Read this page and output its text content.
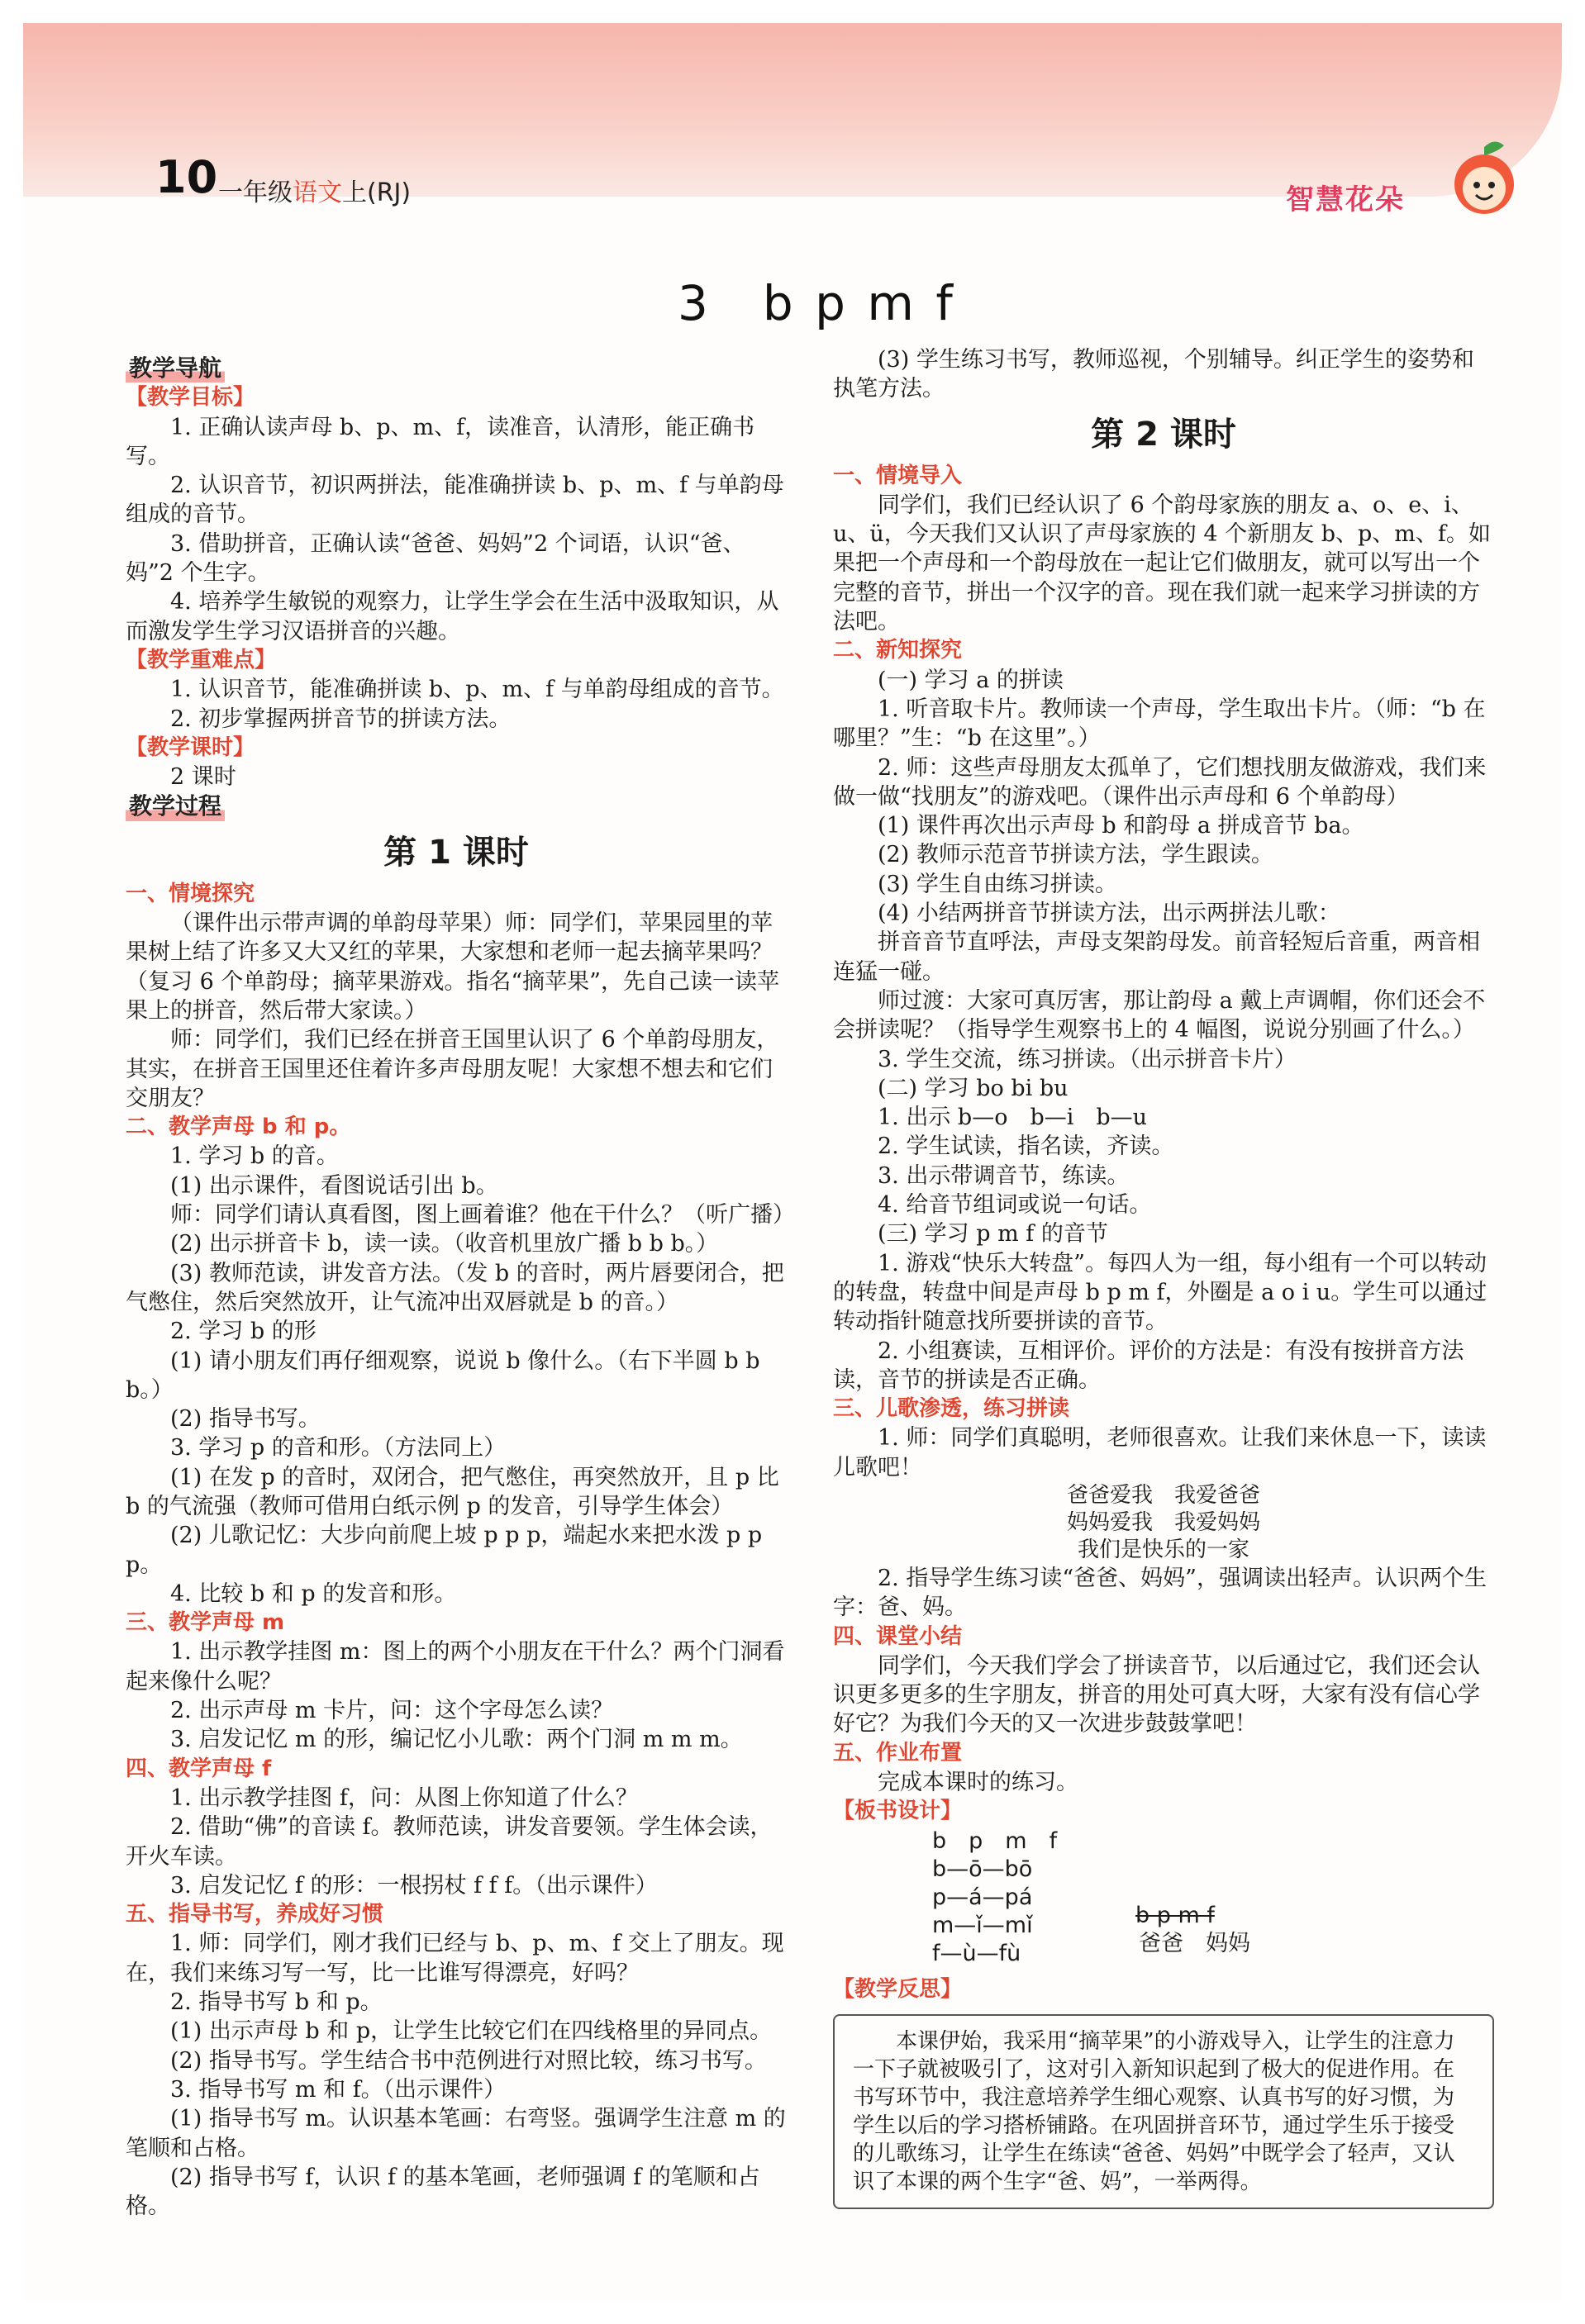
10 一年级语文上(RJ)	智慧花朵
3　b p m f

教学导航

【教学目标】

1. 正确认读声母 b、p、m、f，读准音，认清形，能正确书写。

2. 认识音节，初识两拼法，能准确拼读 b、p、m、f 与单韵母组成的音节。

3. 借助拼音，正确认读“爸爸、妈妈”2 个词语，认识“爸、妈”2 个生字。

4. 培养学生敏锐的观察力，让学生学会在生活中汲取知识，从而激发学生学习汉语拼音的兴趣。

【教学重难点】

1. 认识音节，能准确拼读 b、p、m、f 与单韵母组成的音节。

2. 初步掌握两拼音节的拼读方法。

【教学课时】

2 课时

教学过程

第 1 课时

一、情境探究

（课件出示带声调的单韵母苹果）师：同学们，苹果园里的苹果树上结了许多又大又红的苹果，大家想和老师一起去摘苹果吗？（复习 6 个单韵母；摘苹果游戏。指名“摘苹果”，先自己读一读苹果上的拼音，然后带大家读。）

师：同学们，我们已经在拼音王国里认识了 6 个单韵母朋友，其实，在拼音王国里还住着许多声母朋友呢！大家想不想去和它们交朋友？

二、教学声母 b 和 p。

1. 学习 b 的音。

(1) 出示课件，看图说话引出 b。

师：同学们请认真看图，图上画着谁？他在干什么？（听广播）

(2) 出示拼音卡 b，读一读。（收音机里放广播 b b b。）

(3) 教师范读，讲发音方法。（发 b 的音时，两片唇要闭合，把气憋住，然后突然放开，让气流冲出双唇就是 b 的音。）

2. 学习 b 的形

(1) 请小朋友们再仔细观察，说说 b 像什么。（右下半圆 b b b。）

(2) 指导书写。

3. 学习 p 的音和形。（方法同上）

(1) 在发 p 的音时，双闭合，把气憋住，再突然放开，且 p 比 b 的气流强（教师可借用白纸示例 p 的发音，引导学生体会）

(2) 儿歌记忆：大步向前爬上坡 p p p，端起水来把水泼 p p p。

4. 比较 b 和 p 的发音和形。

三、教学声母 m

1. 出示教学挂图 m：图上的两个小朋友在干什么？两个门洞看起来像什么呢？

2. 出示声母 m 卡片，问：这个字母怎么读？

3. 启发记忆 m 的形，编记忆小儿歌：两个门洞 m m m。

四、教学声母 f

1. 出示教学挂图 f，问：从图上你知道了什么？

2. 借助“佛”的音读 f。教师范读，讲发音要领。学生体会读，开火车读。

3. 启发记忆 f 的形：一根拐杖 f f f。（出示课件）

五、指导书写，养成好习惯

1. 师：同学们，刚才我们已经与 b、p、m、f 交上了朋友。现在，我们来练习写一写，比一比谁写得漂亮，好吗？

2. 指导书写 b 和 p。

(1) 出示声母 b 和 p，让学生比较它们在四线格里的异同点。

(2) 指导书写。学生结合书中范例进行对照比较，练习书写。

3. 指导书写 m 和 f。（出示课件）

(1) 指导书写 m。认识基本笔画：右弯竖。强调学生注意 m 的笔顺和占格。

(2) 指导书写 f，认识 f 的基本笔画，老师强调 f 的笔顺和占格。

(3) 学生练习书写，教师巡视，个别辅导。纠正学生的姿势和执笔方法。

第 2 课时

一、情境导入

同学们，我们已经认识了 6 个韵母家族的朋友 a、o、e、i、u、ü，今天我们又认识了声母家族的 4 个新朋友 b、p、m、f。如果把一个声母和一个韵母放在一起让它们做朋友，就可以写出一个完整的音节，拼出一个汉字的音。现在我们就一起来学习拼读的方法吧。

二、新知探究

(一) 学习 a 的拼读

1. 听音取卡片。教师读一个声母，学生取出卡片。（师：“b 在哪里？”生：“b 在这里”。）

2. 师：这些声母朋友太孤单了，它们想找朋友做游戏，我们来做一做“找朋友”的游戏吧。（课件出示声母和 6 个单韵母）

(1) 课件再次出示声母 b 和韵母 a 拼成音节 ba。

(2) 教师示范音节拼读方法，学生跟读。

(3) 学生自由练习拼读。

(4) 小结两拼音节拼读方法，出示两拼法儿歌：

拼音音节直呼法，声母支架韵母发。前音轻短后音重，两音相连猛一碰。

师过渡：大家可真厉害，那让韵母 a 戴上声调帽，你们还会不会拼读呢？（指导学生观察书上的 4 幅图，说说分别画了什么。）

3. 学生交流，练习拼读。（出示拼音卡片）

(二) 学习 bo bi bu

1. 出示 b—o　b—i　b—u

2. 学生试读，指名读，齐读。

3. 出示带调音节，练读。

4. 给音节组词或说一句话。

(三) 学习 p m f 的音节

1. 游戏“快乐大转盘”。每四人为一组，每小组有一个可以转动的转盘，转盘中间是声母 b p m f，外圈是 a o i u。学生可以通过转动指针随意找所要拼读的音节。

2. 小组赛读，互相评价。评价的方法是：有没有按拼音方法读，音节的拼读是否正确。

三、儿歌渗透，练习拼读

1. 师：同学们真聪明，老师很喜欢。让我们来休息一下，读读儿歌吧！

爸爸爱我　我爱爸爸

妈妈爱我　我爱妈妈

我们是快乐的一家

2. 指导学生练习读“爸爸、妈妈”，强调读出轻声。认识两个生字：爸、妈。

四、课堂小结

同学们，今天我们学会了拼读音节，以后通过它，我们还会认识更多更多的生字朋友，拼音的用处可真大呀，大家有没有信心学好它？为我们今天的又一次进步鼓鼓掌吧！

五、作业布置

完成本课时的练习。

【板书设计】

b　p　m　f
b—ō—bō
p—á—pá
m—ǐ—mǐ
f—ù—fù
b p m f
爸爸　妈妈

【教学反思】

本课伊始，我采用“摘苹果”的小游戏导入，让学生的注意力一下子就被吸引了，这对引入新知识起到了极大的促进作用。在书写环节中，我注意培养学生细心观察、认真书写的好习惯，为学生以后的学习搭桥铺路。在巩固拼音环节，通过学生乐于接受的儿歌练习，让学生在练读“爸爸、妈妈”中既学会了轻声，又认识了本课的两个生字“爸、妈”，一举两得。
